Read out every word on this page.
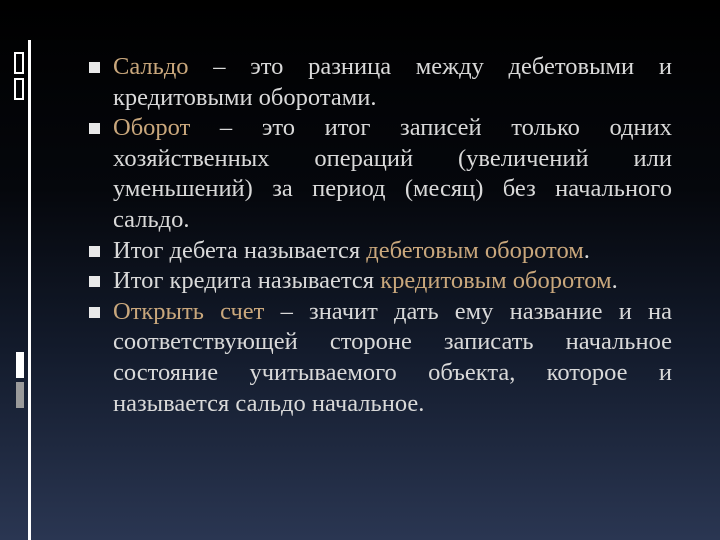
Сальдо – это разница между дебетовыми и кредитовыми оборотами.
Оборот – это итог записей только одних хозяйственных операций (увеличений или уменьшений) за период (месяц) без начального сальдо.
Итог дебета называется дебетовым оборотом.
Итог кредита называется кредитовым оборотом.
Открыть счет – значит дать ему название и на соответствующей стороне записать начальное состояние учитываемого объекта, которое и называется сальдо начальное.
